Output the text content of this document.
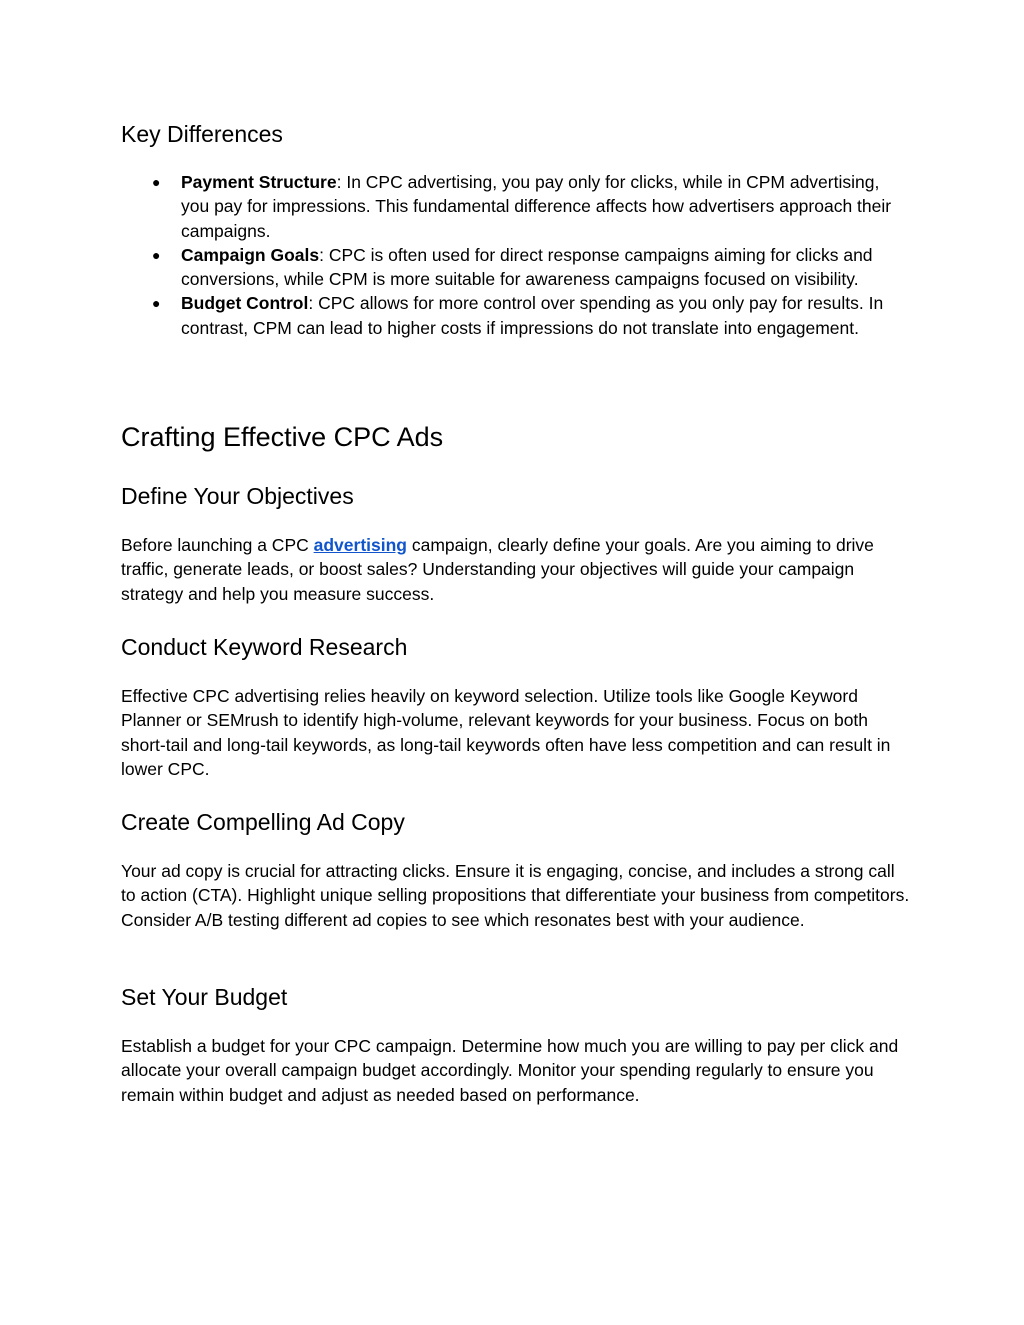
Key Differences
● Payment Structure: In CPC advertising, you pay only for clicks, while in CPM advertising, you pay for impressions. This fundamental difference affects how advertisers approach their campaigns.
● Campaign Goals: CPC is often used for direct response campaigns aiming for clicks and conversions, while CPM is more suitable for awareness campaigns focused on visibility.
● Budget Control: CPC allows for more control over spending as you only pay for results. In contrast, CPM can lead to higher costs if impressions do not translate into engagement.
Crafting Effective CPC Ads
Define Your Objectives

Before launching a CPC advertising campaign, clearly define your goals. Are you aiming to drive traffic, generate leads, or boost sales? Understanding your objectives will guide your campaign strategy and help you measure success.

Conduct Keyword Research

Effective CPC advertising relies heavily on keyword selection. Utilize tools like Google Keyword Planner or SEMrush to identify high-volume, relevant keywords for your business. Focus on both short-tail and long-tail keywords, as long-tail keywords often have less competition and can result in lower CPC.

Create Compelling Ad Copy

Your ad copy is crucial for attracting clicks. Ensure it is engaging, concise, and includes a strong call to action (CTA). Highlight unique selling propositions that differentiate your business from competitors. Consider A/B testing different ad copies to see which resonates best with your audience.

Set Your Budget

Establish a budget for your CPC campaign. Determine how much you are willing to pay per click and allocate your overall campaign budget accordingly. Monitor your spending regularly to ensure you remain within budget and adjust as needed based on performance.
